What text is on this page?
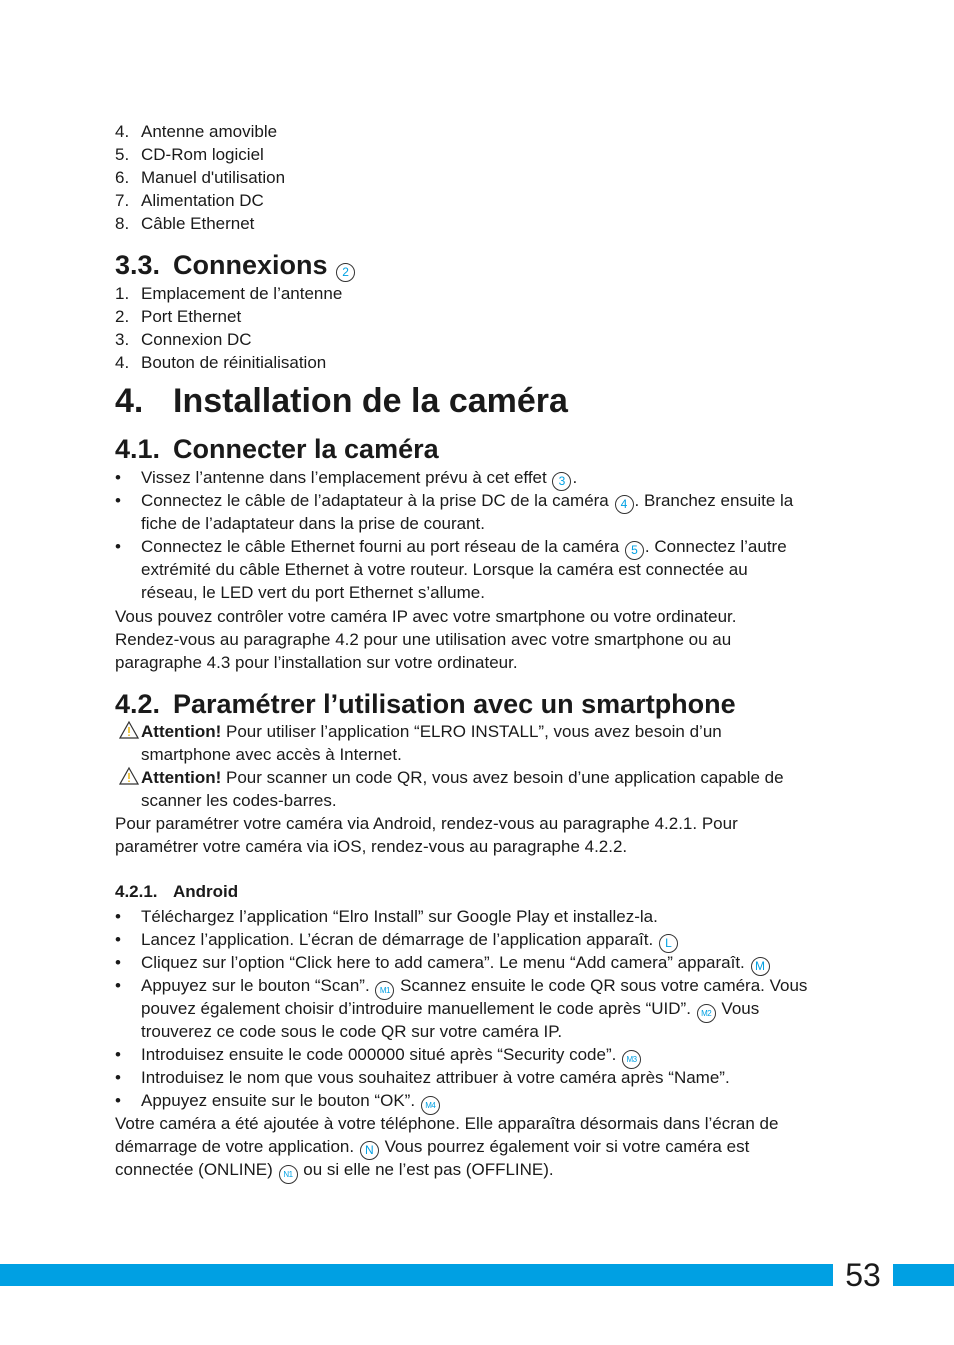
4. Antenne amovible
5. CD-Rom logiciel
6. Manuel d'utilisation
7. Alimentation DC
8. Câble Ethernet
3.3. Connexions 2
1. Emplacement de l’antenne
2. Port Ethernet
3. Connexion DC
4. Bouton de réinitialisation
4. Installation de la caméra
4.1. Connecter la caméra
• Vissez l’antenne dans l’emplacement prévu à cet effet 3 .
• Connectez le câble de l’adaptateur à la prise DC de la caméra 4 . Branchez ensuite la
fiche de l’adaptateur dans la prise de courant.
• Connectez le câble Ethernet fourni au port réseau de la caméra 5 . Connectez l’autre
extrémité du câble Ethernet à votre routeur. Lorsque la caméra est connectée au
réseau, le LED vert du port Ethernet s’allume.
Vous pouvez contrôler votre caméra IP avec votre smartphone ou votre ordinateur.
Rendez-vous au paragraphe 4.2 pour une utilisation avec votre smartphone ou au
paragraphe 4.3 pour l’installation sur votre ordinateur.
4.2. Paramétrer l’utilisation avec un smartphone
Attention! Pour utiliser l’application “ELRO INSTALL”, vous avez besoin d’un
smartphone avec accès à Internet.
Attention! Pour scanner un code QR, vous avez besoin d’une application capable de
scanner les codes-barres.
Pour paramétrer votre caméra via Android, rendez-vous au paragraphe 4.2.1. Pour
paramétrer votre caméra via iOS, rendez-vous au paragraphe 4.2.2.
4.2.1. Android
• Téléchargez l’application “Elro Install” sur Google Play et installez-la.
• Lancez l’application. L’écran de démarrage de l’application apparaît. L
• Cliquez sur l’option “Click here to add camera”. Le menu “Add camera” apparaît. M
• Appuyez sur le bouton “Scan”. M1 Scannez ensuite le code QR sous votre caméra. Vous
pouvez également choisir d’introduire manuellement le code après “UID”. M2 Vous
trouverez ce code sous le code QR sur votre caméra IP.
• Introduisez ensuite le code 000000 situé après “Security code”. M3
• Introduisez le nom que vous souhaitez attribuer à votre caméra après “Name”.
• Appuyez ensuite sur le bouton “OK”. M4
Votre caméra a été ajoutée à votre téléphone. Elle apparaîtra désormais dans l’écran de
démarrage de votre application. N Vous pourrez également voir si votre caméra est
connectée (ONLINE) N1 ou si elle ne l’est pas (OFFLINE).
53
